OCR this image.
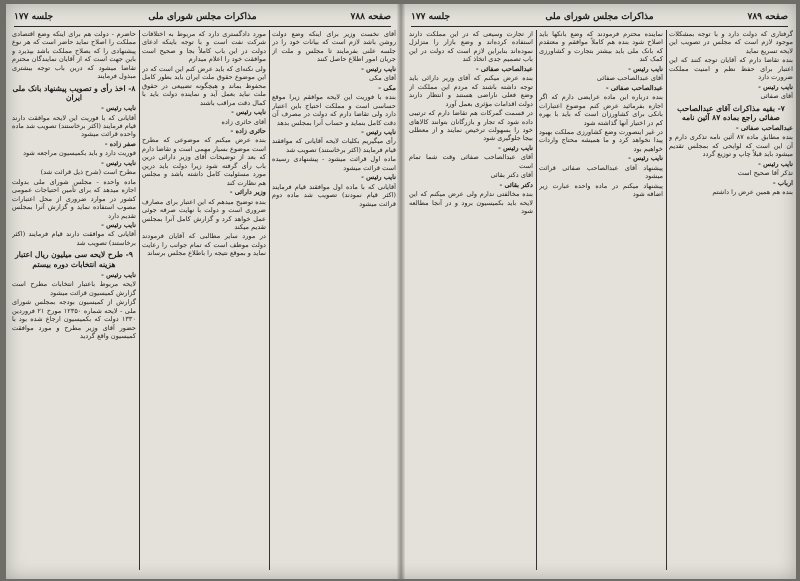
صفحه ۷۸۸
مذاکرات مجلس شورای ملی
جلسه ۱۷۷

حاضرم - دولت هم برای اینکه وضع اقتصادی مملکت را اصلاح نماید حاضر است که هر نوع پیشنهادی را که بصلاح مملکت باشد بپذیرد و باین جهت است که از آقایان نمایندگان محترم تقاضا میشود که درین باب توجه بیشتری مبذول فرمایند

۸- اخذ رأی و تصویب پیشنهاد بانک ملی ایران

نایب رئیس -

آقایانی که با فوریت این لایحه موافقت دارند قیام فرمایند (اکثر برخاستند) تصویب شد ماده واحده قرائت میشود

صفر زاده -

فوریت دارد و باید بکمیسیون مراجعه شود

نایب رئیس -

مطرح است (شرح ذیل قرائت شد)

ماده واحده - مجلس شورای ملی بدولت اجازه میدهد که برای تأمین احتیاجات عمومی کشور در موارد ضروری از محل اعتبارات مصوب استفاده نماید و گزارش آنرا بمجلس تقدیم دارد

نایب رئیس -

آقایانی که موافقت دارند قیام فرمایند (اکثر برخاستند) تصویب شد

۹- طرح لایحه سی میلیون ریال اعتبار هزینه انتخابات دوره بیستم

نایب رئیس -

لایحه مربوط باعتبار انتخابات مطرح است گزارش کمیسیون قرائت میشود

گزارش از کمیسیون بودجه بمجلس شورای ملی - لایحه شماره ۱۲۳۵۰ مورخ ۲۱ فروردین ۱۳۳۰ دولت که بکمیسیون ارجاع شده بود با حضور آقای وزیر مطرح و مورد موافقت کمیسیون واقع گردید

مورد دادگستری دارد که مربوط به اختلافات شرکت نفت است و با توجه باینکه ادعای دولت در این باب کاملاً بجا و صحیح است موافقت خود را اعلام میدارم

ولی نکته‌ای که باید عرض کنم این است که در این موضوع حقوق ملت ایران باید بطور کامل محفوظ بماند و هیچگونه تضییعی در حقوق ملت نباید بعمل آید و نماینده دولت باید با کمال دقت مراقب باشند

نایب رئیس -

آقای حائری زاده

حائری زاده -

بنده عرض میکنم که موضوعی که مطرح است موضوع بسیار مهمی است و تقاضا دارم که بعد از توضیحات آقای وزیر دارائی درین باب رأی گرفته شود زیرا دولت باید درین مورد مسئولیت کامل داشته باشد و مجلس هم نظارت کند

وزیر دارائی -

بنده توضیح میدهم که این اعتبار برای مصارف ضروری است و دولت با نهایت صرفه جوئی عمل خواهد کرد و گزارش کامل آنرا بمجلس تقدیم میکند

در مورد سایر مطالبی که آقایان فرمودند دولت موظف است که تمام جوانب را رعایت نماید و بموقع نتیجه را باطلاع مجلس برساند

آقای نخست وزیر برای اینکه وضع دولت روشن باشد لازم است که بیانات خود را در جلسه علنی بفرمایند تا مجلس و ملت از جریان امور اطلاع حاصل کنند

نایب رئیس -

آقای مکی

مکی -

بنده با فوریت این لایحه موافقم زیرا موقع حساسی است و مملکت احتیاج باین اعتبار دارد ولی تقاضا دارم که دولت در مصرف آن دقت کامل بنماید و حساب آنرا بمجلس بدهد

نایب رئیس -

رأی میگیریم بکلیات لایحه آقایانی که موافقند قیام فرمایند (اکثر برخاستند) تصویب شد

ماده اول قرائت میشود - پیشنهادی رسیده است قرائت میشود

نایب رئیس -

آقایانی که با ماده اول موافقند قیام فرمایند (اکثر قیام نمودند) تصویب شد ماده دوم قرائت میشود

صفحه ۷۸۹
مذاکرات مجلس شورای ملی
جلسه ۱۷۷

از تجارت وسیعی که در این مملکت دارند استفاده کرده‌اند و وضع بازار را متزلزل نموده‌اند بنابراین لازم است که دولت در این باب تصمیم جدی اتخاذ کند

عبدالصاحب صفائی -

بنده عرض میکنم که آقای وزیر دارائی باید توجه داشته باشند که مردم این مملکت از وضع فعلی ناراضی هستند و انتظار دارند دولت اقدامات مؤثری بعمل آورد

در قسمت گمرکات هم تقاضا دارم که ترتیبی داده شود که تجار و بازرگانان بتوانند کالاهای خود را بسهولت ترخیص نمایند و از معطلی بیجا جلوگیری شود

نایب رئیس -

آقای عبدالصاحب صفائی وقت شما تمام است

آقای دکتر بقائی

دکتر بقائی -

بنده مخالفتی ندارم ولی عرض میکنم که این لایحه باید بکمیسیون برود و در آنجا مطالعه شود

نماینده محترم فرمودند که وضع بانکها باید اصلاح شود بنده هم کاملاً موافقم و معتقدم که بانک ملی باید بیشتر بتجارت و کشاورزی کمک کند

نایب رئیس -

آقای عبدالصاحب صفائی

عبدالصاحب صفائی -

بنده درباره این ماده عرایضی دارم که اگر اجازه بفرمائید عرض کنم موضوع اعتبارات بانکی برای کشاورزان است که باید با بهره کم در اختیار آنها گذاشته شود

در غیر اینصورت وضع کشاورزی مملکت بهبود پیدا نخواهد کرد و ما همیشه محتاج واردات خواهیم بود

نایب رئیس -

پیشنهاد آقای عبدالصاحب صفائی قرائت میشود

پیشنهاد میکنم در ماده واحده عبارت زیر اضافه شود

گرفتاری که دولت دارد و با توجه بمشکلات موجود لازم است که مجلس در تصویب این لایحه تسریع نماید

بنده تقاضا دارم که آقایان توجه کنند که این اعتبار برای حفظ نظم و امنیت مملکت ضرورت دارد

نایب رئیس -

آقای صفائی

۷- بقیه مذاکرات آقای عبدالصاحب صفائی راجع بماده ۸۷ آئین نامه

عبدالصاحب صفائی -

بنده مطابق ماده ۸۷ آئین نامه تذکری دارم و آن این است که لوایحی که بمجلس تقدیم میشود باید قبلاً چاپ و توزیع گردد

نایب رئیس -

تذکر آقا صحیح است

ارباب -

بنده هم همین عرض را داشتم
